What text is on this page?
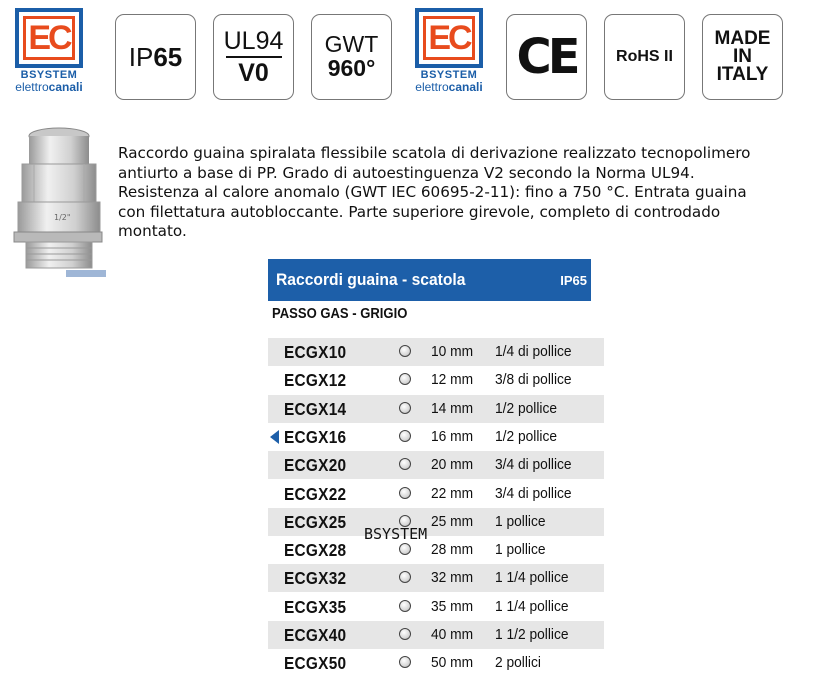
EC
BSYSTEM
elettrocanali
IP65
UL94
V0
GWT
960°
EC
BSYSTEM
elettrocanali
CE RoHS II
MADE
IN
ITALY
1/2"

Raccordo guaina spiralata flessibile scatola di derivazione realizzato tecnopolimero

antiurto a base di PP. Grado di autoestinguenza V2 secondo la Norma UL94.

Resistenza al calore anomalo (GWT IEC 60695-2-11): fino a 750 °C. Entrata guaina

con filettatura autobloccante. Parte superiore girevole, completo di controdado

montato.

Raccordi guaina - scatola	IP65
PASSO GAS - GRIGIO
ECGX10	10 mm 1/4 di pollice
ECGX12	12 mm 3/8 di pollice
ECGX14	14 mm 1/2 pollice
ECGX16	16 mm 1/2 pollice
ECGX20	20 mm 3/4 di pollice
ECGX22	22 mm 3/4 di pollice
ECGX25	25 mm 1 pollice
ECGX28	28 mm 1 pollice
ECGX32	32 mm 1 1/4 pollice
ECGX35	35 mm 1 1/4 pollice
ECGX40	40 mm 1 1/2 pollice
ECGX50	50 mm 2 pollici
BSYSTEM
